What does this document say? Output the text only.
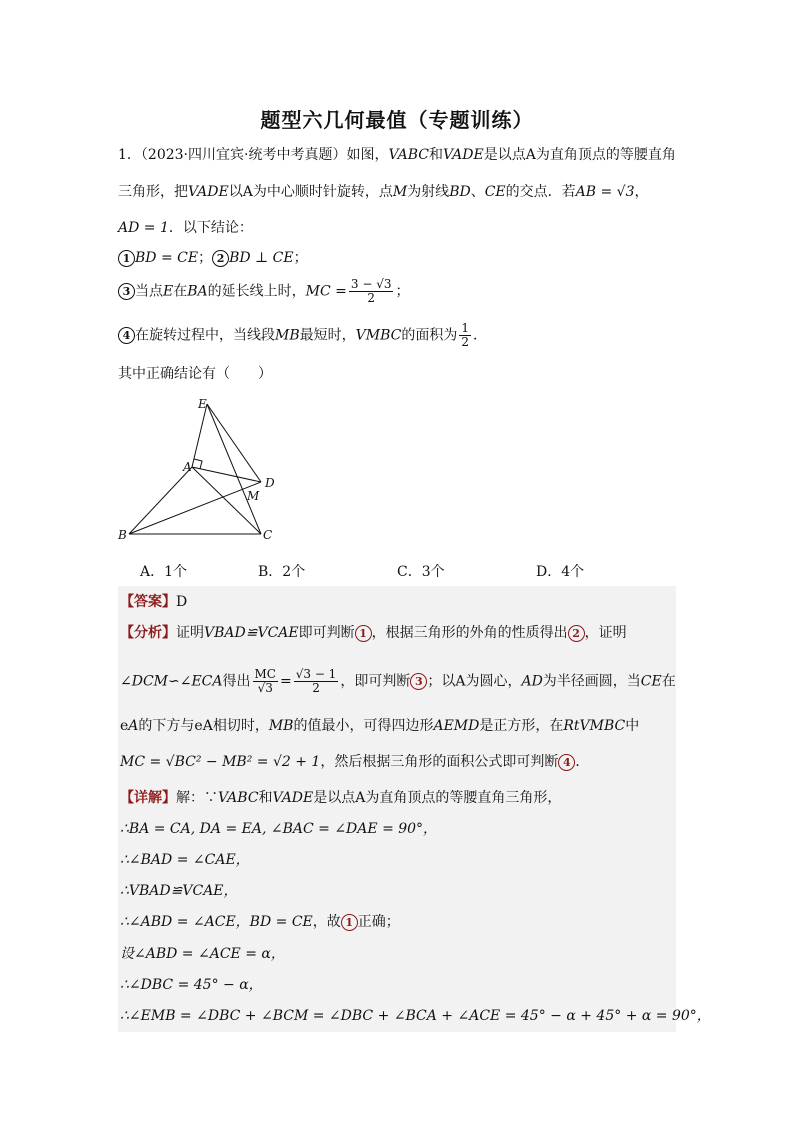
题型六几何最值（专题训练）
1．（2023·四川宜宾·统考中考真题）如图，VABC和VADE是以点A为直角顶点的等腰直角
三角形，把VADE以A为中心顺时针旋转，点M为射线BD、CE的交点．若AB = √3，
AD = 1．以下结论：
1 BD = CE； 2 BD ⊥ CE；
3 当点E在BA的延长线上时，MC = $\frac{3 - √3}{2}$ ；
4 在旋转过程中，当线段MB最短时，VMBC的面积为 $\frac{1}{2}$ ．
其中正确结论有（　　）
E
A
D
M
B	C
A．1个	B．2个	C．3个	D．4个
【答案】D
【分析】证明VBAD≌VCAE即可判断 1 ，根据三角形的外角的性质得出 2 ，证明
∠DCM∽∠ECA得出 $\frac{MC}{√3} = \frac{√3 - 1}{2}$ ，即可判断 3 ；以A为圆心，AD为半径画圆，当CE在
eA的下方与eA相切时，MB的值最小，可得四边形AEMD是正方形，在RtVMBC中
MC = √BC² − MB² = √2 + 1，然后根据三角形的面积公式即可判断 4 ．
【详解】解：∵VABC和VADE是以点A为直角顶点的等腰直角三角形，
∴BA = CA, DA = EA, ∠BAC = ∠DAE = 90°，
∴∠BAD = ∠CAE，
∴VBAD≌VCAE，
∴∠ABD = ∠ACE，BD = CE，故 1 正确；
设∠ABD = ∠ACE = α，
∴∠DBC = 45° − α，
∴∠EMB = ∠DBC + ∠BCM = ∠DBC + ∠BCA + ∠ACE = 45° − α + 45° + α = 90°，
